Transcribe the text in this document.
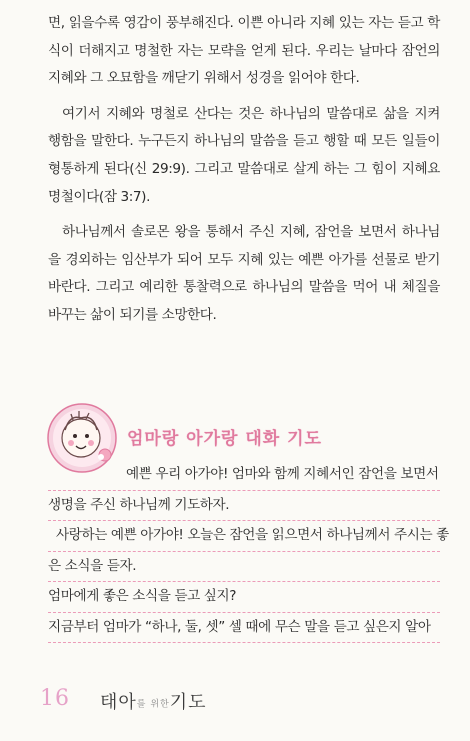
면, 읽을수록 영감이 풍부해진다. 이쁜 아니라 지혜 있는 자는 듣고 학식이 더해지고 명철한 자는 모략을 얻게 된다. 우리는 날마다 잠언의 지혜와 그 오묘함을 깨닫기 위해서 성경을 읽어야 한다.

여기서 지혜와 명철로 산다는 것은 하나님의 말씀대로 삶을 지켜 행함을 말한다. 누구든지 하나님의 말씀을 듣고 행할 때 모든 일들이 형통하게 된다(신 29:9). 그리고 말씀대로 살게 하는 그 힘이 지혜요 명철이다(잠 3:7).

하나님께서 솔로몬 왕을 통해서 주신 지혜, 잠언을 보면서 하나님을 경외하는 임산부가 되어 모두 지혜 있는 예쁜 아가를 선물로 받기 바란다. 그리고 예리한 통찰력으로 하나님의 말씀을 먹어 내 체질을 바꾸는 삶이 되기를 소망한다.

엄마랑 아가랑 대화 기도
예쁜 우리 아가야! 엄마와 함께 지혜서인 잠언을 보면서
생명을 주신 하나님께 기도하자.
사랑하는 예쁜 아가야! 오늘은 잠언을 읽으면서 하나님께서 주시는 좋
은 소식을 듣자.
엄마에게 좋은 소식을 듣고 싶지?
지금부터 엄마가 “하나, 둘, 셋” 셀 때에 무슨 말을 듣고 싶은지 알아
16 태아를 위한기도
